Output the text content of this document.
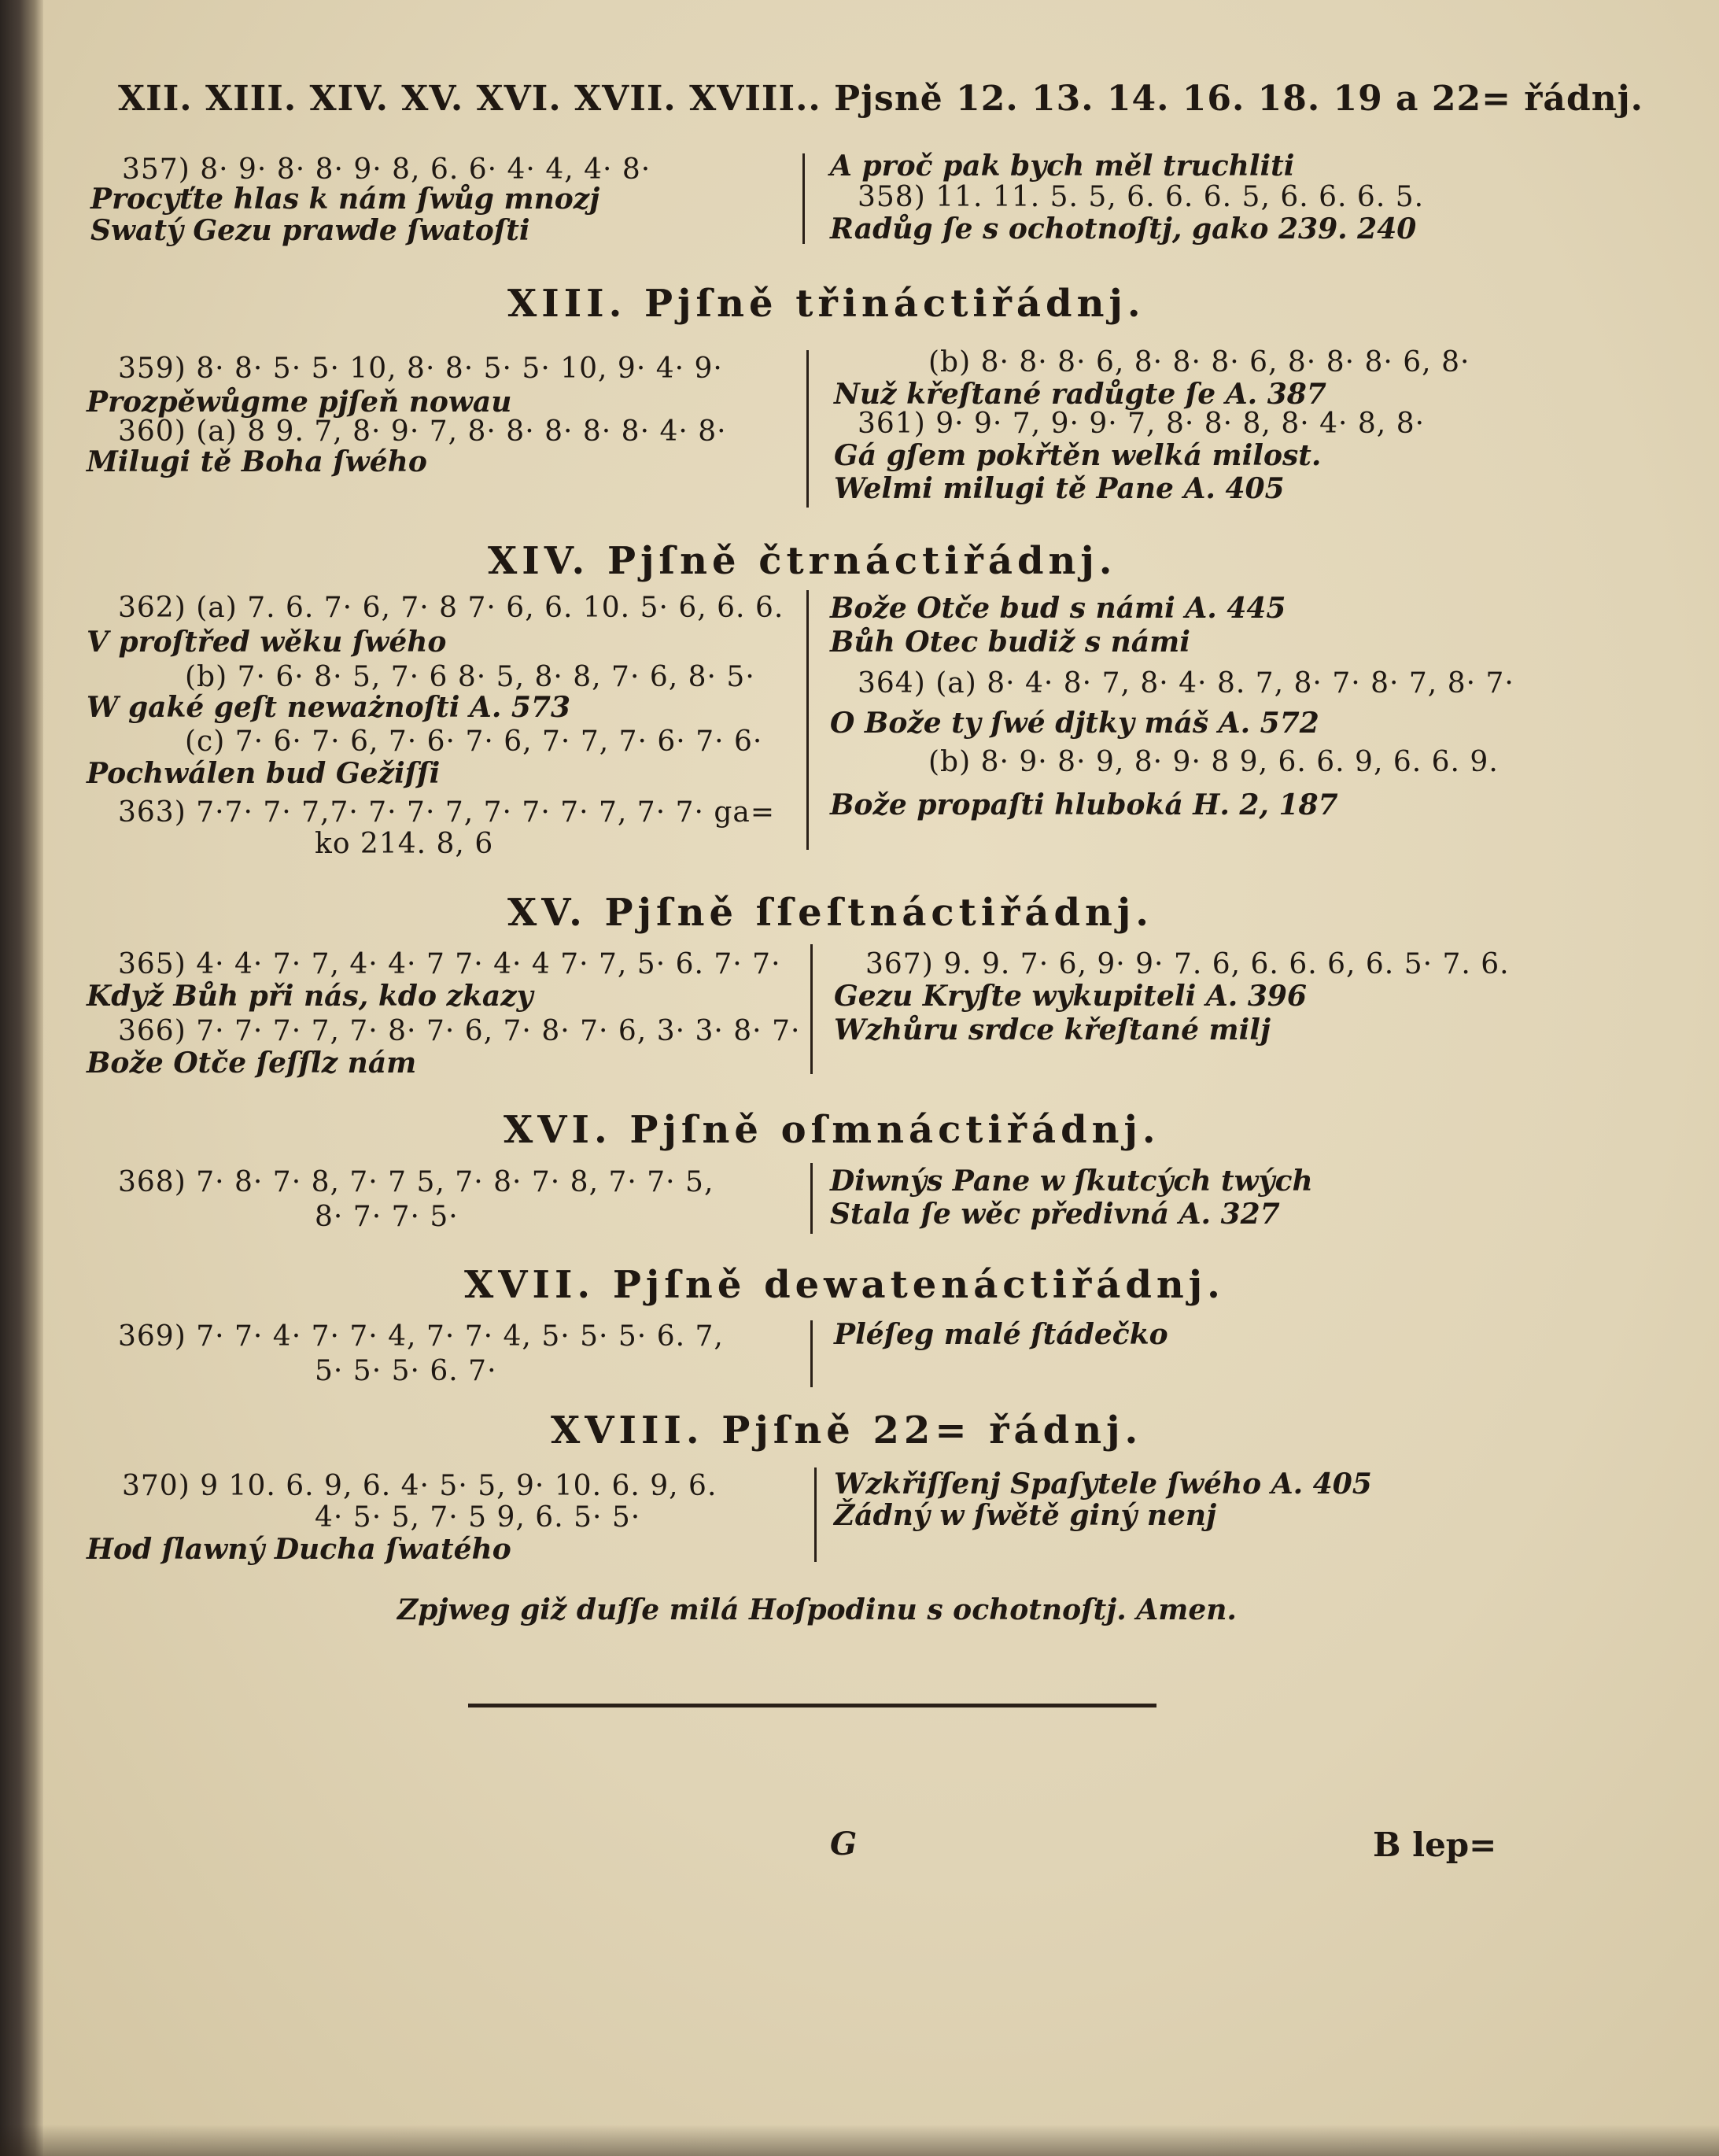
XII. XIII. XIV. XV. XVI. XVII. XVIII.. Pjsně 12. 13. 14. 16. 18. 19 a 22= řádnj.
357) 8· 9· 8· 8· 9· 8, 6. 6· 4· 4, 4· 8·
Procyťte hlas k nám ſwůg mnozj
Swatý Gezu prawde ſwatoſti
A proč pak bych měl truchliti
358) 11. 11. 5. 5, 6. 6. 6. 5, 6. 6. 6. 5.
Radůg ſe s ochotnoſtj, gako 239. 240
XIII. Pjſně třináctiřádnj.
359) 8· 8· 5· 5· 10, 8· 8· 5· 5· 10, 9· 4· 9·
Prozpěwůgme pjſeň nowau
360) (a) 8 9. 7, 8· 9· 7, 8· 8· 8· 8· 8· 4· 8·
Milugi tě Boha ſwého
(b) 8· 8· 8· 6, 8· 8· 8· 6, 8· 8· 8· 6, 8·
Nuž křeſtané radůgte ſe A. 387
361) 9· 9· 7, 9· 9· 7, 8· 8· 8, 8· 4· 8, 8·
Gá gſem pokřtěn welká milost.
Welmi milugi tě Pane A. 405
XIV. Pjſně čtrnáctiřádnj.
362) (a) 7. 6. 7· 6, 7· 8 7· 6, 6. 10. 5· 6, 6. 6.
V proſtřed wěku ſwého
(b) 7· 6· 8· 5, 7· 6 8· 5, 8· 8, 7· 6, 8· 5·
W gaké geſt neważnoſti A. 573
(c) 7· 6· 7· 6, 7· 6· 7· 6, 7· 7, 7· 6· 7· 6·
Pochwálen bud Gežiſſi
363) 7·7· 7· 7,7· 7· 7· 7, 7· 7· 7· 7, 7· 7· ga=
ko 214. 8, 6
Bože Otče bud s námi A. 445
Bůh Otec budiž s námi
364) (a) 8· 4· 8· 7, 8· 4· 8. 7, 8· 7· 8· 7, 8· 7·
O Bože ty ſwé djtky máš A. 572
(b) 8· 9· 8· 9, 8· 9· 8 9, 6. 6. 9, 6. 6. 9.
Bože propaſti hluboká H. 2, 187
XV. Pjſně ſſeſtnáctiřádnj.
365) 4· 4· 7· 7, 4· 4· 7 7· 4· 4 7· 7, 5· 6. 7· 7·
Když Bůh při nás, kdo zkazy
366) 7· 7· 7· 7, 7· 8· 7· 6, 7· 8· 7· 6, 3· 3· 8· 7·
Bože Otče ſeſſlz nám
367) 9. 9. 7· 6, 9· 9· 7. 6, 6. 6. 6, 6. 5· 7. 6.
Gezu Kryſte wykupiteli A. 396
Wzhůru srdce křeſtané milj
XVI. Pjſně oſmnáctiřádnj.
368) 7· 8· 7· 8, 7· 7 5, 7· 8· 7· 8, 7· 7· 5,
8· 7· 7· 5·
Diwnýs Pane w ſkutcých twých
Stala ſe wěc předivná A. 327
XVII. Pjſně dewatenáctiřádnj.
369) 7· 7· 4· 7· 7· 4, 7· 7· 4, 5· 5· 5· 6. 7,
5· 5· 5· 6. 7·
Pléſeg malé ſtádečko
XVIII. Pjſně 22= řádnj.
370) 9 10. 6. 9, 6. 4· 5· 5, 9· 10. 6. 9, 6.
4· 5· 5, 7· 5 9, 6. 5· 5·
Hod ſlawný Ducha ſwatého
Wzkřiſſenj Spaſytele ſwého A. 405
Žádný w ſwětě giný nenj
Zpjweg giž duſſe milá Hoſpodinu s ochotnoſtj. Amen.
G	B lep=
